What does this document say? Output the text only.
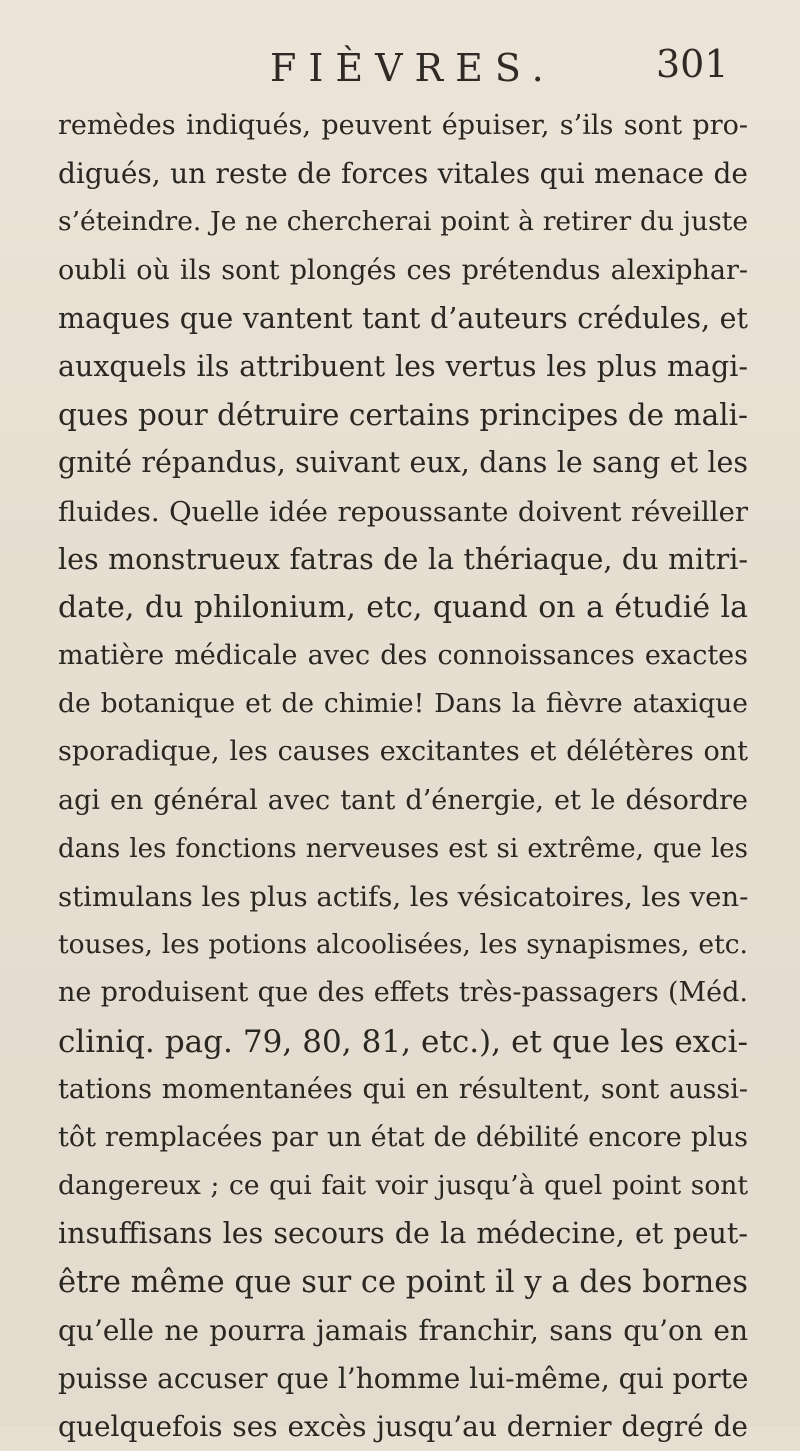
FIÈVRES.	301
remèdes indiqués, peuvent épuiser, s’ils sont pro-
digués, un reste de forces vitales qui menace de
s’éteindre. Je ne chercherai point à retirer du juste
oubli où ils sont plongés ces prétendus alexiphar-
maques que vantent tant d’auteurs crédules, et
auxquels ils attribuent les vertus les plus magi-
ques pour détruire certains principes de mali-
gnité répandus, suivant eux, dans le sang et les
fluides. Quelle idée repoussante doivent réveiller
les monstrueux fatras de la thériaque, du mitri-
date, du philonium, etc, quand on a étudié la
matière médicale avec des connoissances exactes
de botanique et de chimie! Dans la fièvre ataxique
sporadique, les causes excitantes et délétères ont
agi en général avec tant d’énergie, et le désordre
dans les fonctions nerveuses est si extrême, que les
stimulans les plus actifs, les vésicatoires, les ven-
touses, les potions alcoolisées, les synapismes, etc.
ne produisent que des effets très-passagers (Méd.
cliniq. pag. 79, 80, 81, etc.), et que les exci-
tations momentanées qui en résultent, sont aussi-
tôt remplacées par un état de débilité encore plus
dangereux ; ce qui fait voir jusqu’à quel point sont
insuffisans les secours de la médecine, et peut-
être même que sur ce point il y a des bornes
qu’elle ne pourra jamais franchir, sans qu’on en
puisse accuser que l’homme lui-même, qui porte
quelquefois ses excès jusqu’au dernier degré de
